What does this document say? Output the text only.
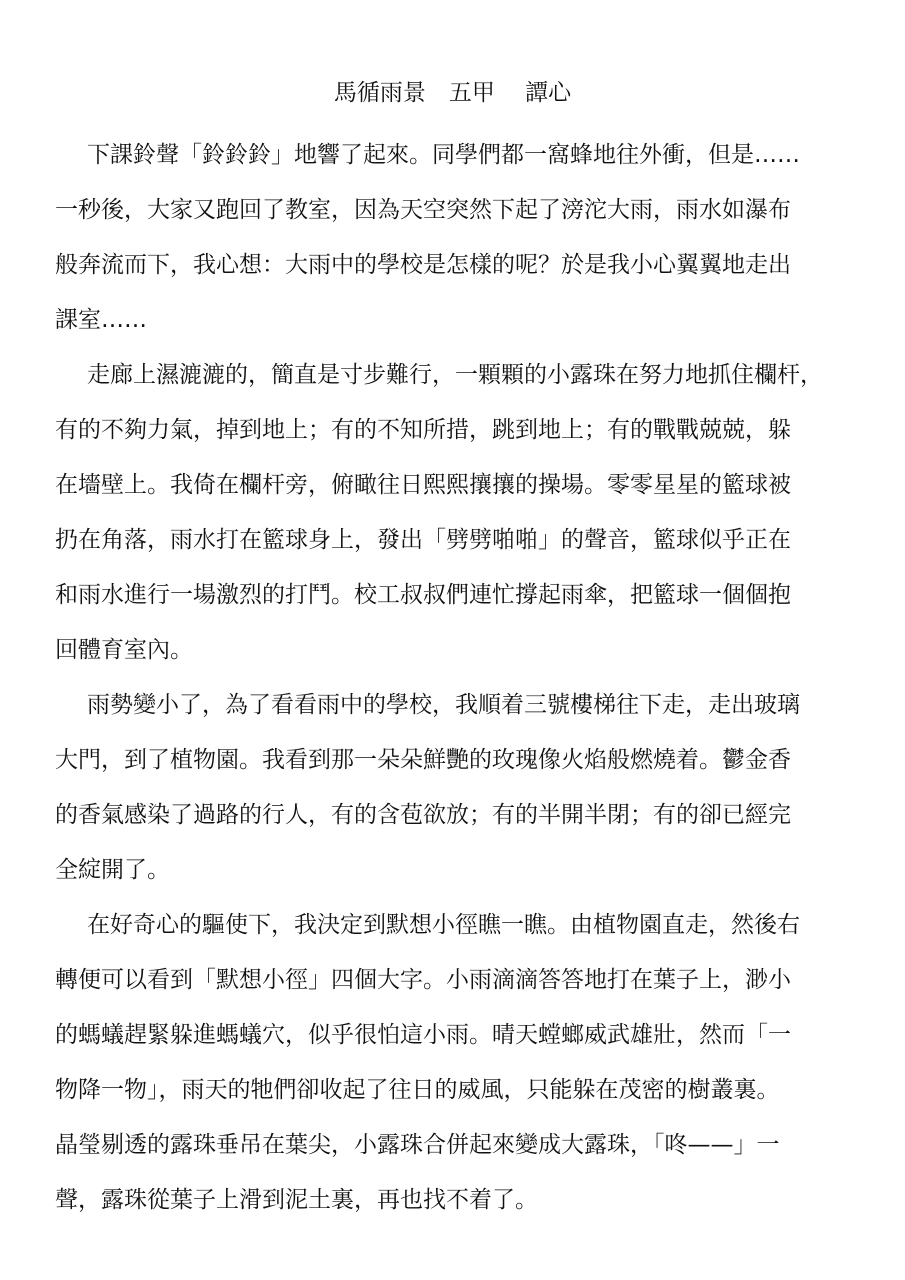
馬循雨景　五甲　 譚心

下課鈴聲「鈴鈴鈴」地響了起來。同學們都一窩蜂地往外衝，但是……
一秒後，大家又跑回了教室，因為天空突然下起了滂沱大雨，雨水如瀑布
般奔流而下，我心想：大雨中的學校是怎樣的呢？於是我小心翼翼地走出
課室……

走廊上濕漉漉的，簡直是寸步難行，一顆顆的小露珠在努力地抓住欄杆，
有的不夠力氣，掉到地上；有的不知所措，跳到地上；有的戰戰兢兢，躲
在墻壁上。我倚在欄杆旁，俯瞰往日熙熙攘攘的操場。零零星星的籃球被
扔在角落，雨水打在籃球身上，發出「劈劈啪啪」的聲音，籃球似乎正在
和雨水進行一場激烈的打鬥。校工叔叔們連忙撐起雨傘，把籃球一個個抱
回體育室內。

雨勢變小了，為了看看雨中的學校，我順着三號樓梯往下走，走出玻璃
大門，到了植物園。我看到那一朵朵鮮艷的玫瑰像火焰般燃燒着。鬱金香
的香氣感染了過路的行人，有的含苞欲放；有的半開半閉；有的卻已經完
全綻開了。

在好奇心的驅使下，我決定到默想小徑瞧一瞧。由植物園直走，然後右
轉便可以看到「默想小徑」四個大字。小雨滴滴答答地打在葉子上，渺小
的螞蟻趕緊躲進螞蟻穴，似乎很怕這小雨。晴天螳螂威武雄壯，然而「一
物降一物」，雨天的牠們卻收起了往日的威風，只能躲在茂密的樹叢裏。
晶瑩剔透的露珠垂吊在葉尖，小露珠合併起來變成大露珠，「咚——」一
聲，露珠從葉子上滑到泥土裏，再也找不着了。
